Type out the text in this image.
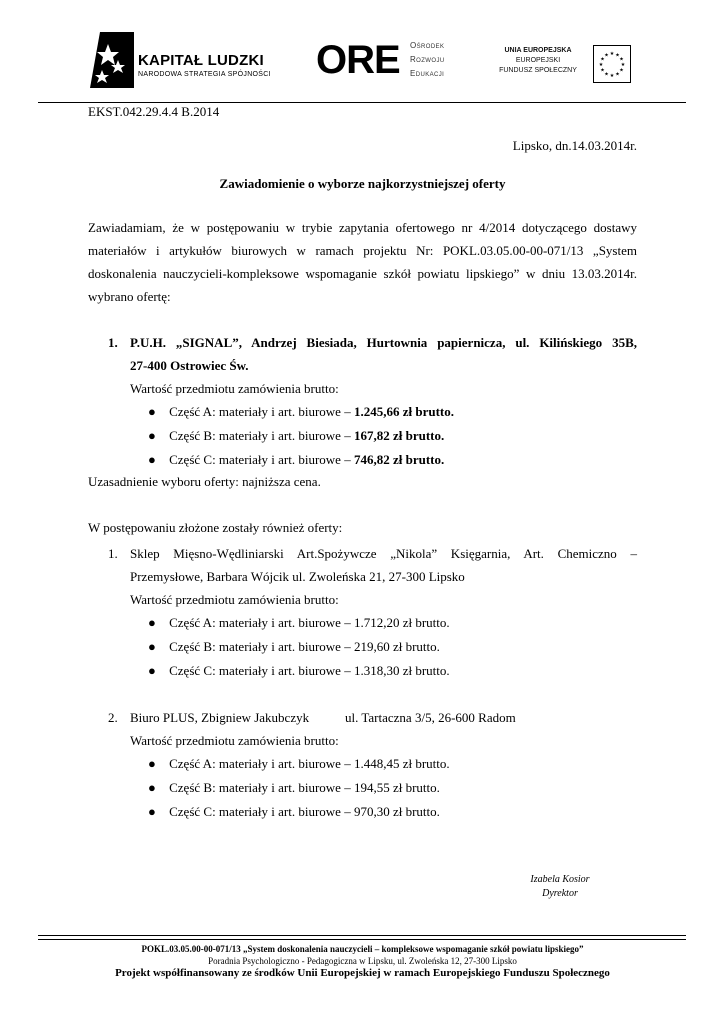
KAPITAŁ LUDZKI
NARODOWA STRATEGIA SPÓJNOŚCI ORE Ośrodek
Rozwoju
Edukacji
UNIA EUROPEJSKA
EUROPEJSKI
FUNDUSZ SPOŁECZNY
★ ★
★
★
★
★
★
★
★
★
★
★
EKST.042.29.4.4 B.2014
Lipsko, dn.14.03.2014r.
Zawiadomienie o wyborze najkorzystniejszej oferty
Zawiadamiam, że w postępowaniu w trybie zapytania ofertowego nr 4/2014 dotyczącego dostawy
materiałów i artykułów biurowych w ramach projektu Nr: POKL.03.05.00-00-071/13 „System
doskonalenia nauczycieli-kompleksowe wspomaganie szkół powiatu lipskiego” w dniu 13.03.2014r.
wybrano ofertę:
1. P.U.H. „SIGNAL”, Andrzej Biesiada, Hurtownia papiernicza, ul. Kilińskiego 35B,
27-400 Ostrowiec Św.
Wartość przedmiotu zamówienia brutto:
● Część A: materiały i art. biurowe – 1.245,66 zł brutto.
● Część B: materiały i art. biurowe – 167,82 zł brutto.
● Część C: materiały i art. biurowe – 746,82 zł brutto.
Uzasadnienie wyboru oferty: najniższa cena.
W postępowaniu złożone zostały również oferty:
1. Sklep Mięsno-Wędliniarski Art.Spożywcze „Nikola” Księgarnia, Art. Chemiczno –
Przemysłowe, Barbara Wójcik ul. Zwoleńska 21, 27-300 Lipsko
Wartość przedmiotu zamówienia brutto:
● Część A: materiały i art. biurowe – 1.712,20 zł brutto.
● Część B: materiały i art. biurowe – 219,60 zł brutto.
● Część C: materiały i art. biurowe – 1.318,30 zł brutto.
2. Biuro PLUS, Zbigniew Jakubczyk	ul. Tartaczna 3/5, 26-600 Radom
Wartość przedmiotu zamówienia brutto:
● Część A: materiały i art. biurowe – 1.448,45 zł brutto.
● Część B: materiały i art. biurowe – 194,55 zł brutto.
● Część C: materiały i art. biurowe – 970,30 zł brutto.
Izabela Kosior
Dyrektor
POKL.03.05.00-00-071/13 „System doskonalenia nauczycieli – kompleksowe wspomaganie szkół powiatu lipskiego”
Poradnia Psychologiczno - Pedagogiczna w Lipsku, ul. Zwoleńska 12, 27-300 Lipsko
Projekt współfinansowany ze środków Unii Europejskiej w ramach Europejskiego Funduszu Społecznego
